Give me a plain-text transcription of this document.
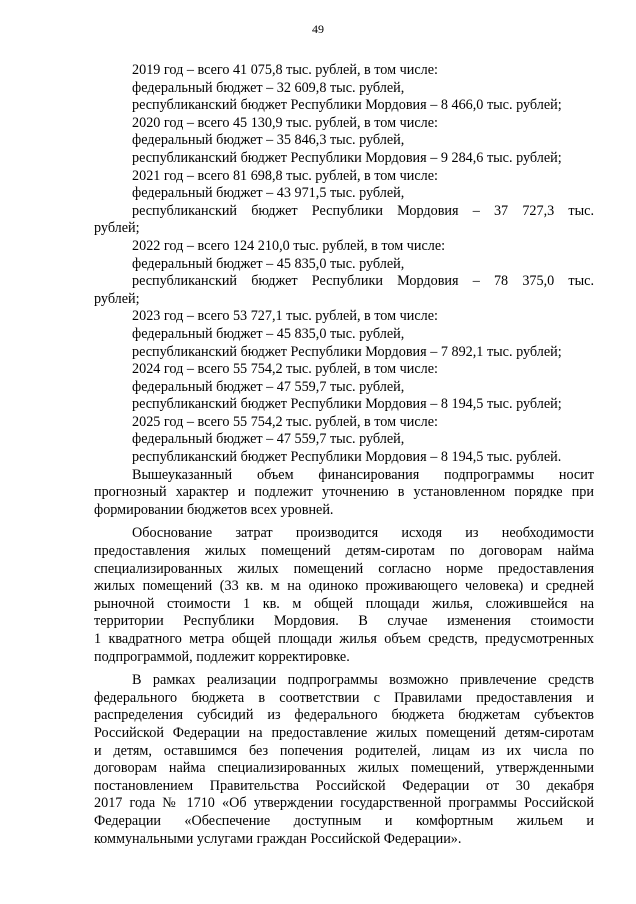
49
2019 год – всего 41 075,8 тыс. рублей, в том числе:
федеральный бюджет – 32 609,8 тыс. рублей,
республиканский бюджет Республики Мордовия – 8 466,0 тыс. рублей;
2020 год – всего 45 130,9 тыс. рублей, в том числе:
федеральный бюджет – 35 846,3 тыс. рублей,
республиканский бюджет Республики Мордовия – 9 284,6 тыс. рублей;
2021 год – всего 81 698,8 тыс. рублей, в том числе:
федеральный бюджет – 43 971,5 тыс. рублей,
республиканский бюджет Республики Мордовия – 37 727,3 тыс.
рублей;
2022 год – всего 124 210,0 тыс. рублей, в том числе:
федеральный бюджет – 45 835,0 тыс. рублей,
республиканский бюджет Республики Мордовия – 78 375,0 тыс.
рублей;
2023 год – всего 53 727,1 тыс. рублей, в том числе:
федеральный бюджет – 45 835,0 тыс. рублей,
республиканский бюджет Республики Мордовия – 7 892,1 тыс. рублей;
2024 год – всего 55 754,2 тыс. рублей, в том числе:
федеральный бюджет – 47 559,7 тыс. рублей,
республиканский бюджет Республики Мордовия – 8 194,5 тыс. рублей;
2025 год – всего 55 754,2 тыс. рублей, в том числе:
федеральный бюджет – 47 559,7 тыс. рублей,
республиканский бюджет Республики Мордовия – 8 194,5 тыс. рублей.
Вышеуказанный объем финансирования подпрограммы носит
прогнозный характер и подлежит уточнению в установленном порядке при
формировании бюджетов всех уровней.
Обоснование затрат производится исходя из необходимости
предоставления жилых помещений детям-сиротам по договорам найма
специализированных жилых помещений согласно норме предоставления
жилых помещений (33 кв. м на одиноко проживающего человека) и средней
рыночной стоимости 1 кв. м общей площади жилья, сложившейся на
территории Республики Мордовия. В случае изменения стоимости
1 квадратного метра общей площади жилья объем средств, предусмотренных
подпрограммой, подлежит корректировке.
В рамках реализации подпрограммы возможно привлечение средств
федерального бюджета в соответствии с Правилами предоставления и
распределения субсидий из федерального бюджета бюджетам субъектов
Российской Федерации на предоставление жилых помещений детям-сиротам
и детям, оставшимся без попечения родителей, лицам из их числа по
договорам найма специализированных жилых помещений, утвержденными
постановлением Правительства Российской Федерации от 30 декабря
2017 года № 1710 «Об утверждении государственной программы Российской
Федерации «Обеспечение доступным и комфортным жильем и
коммунальными услугами граждан Российской Федерации».
